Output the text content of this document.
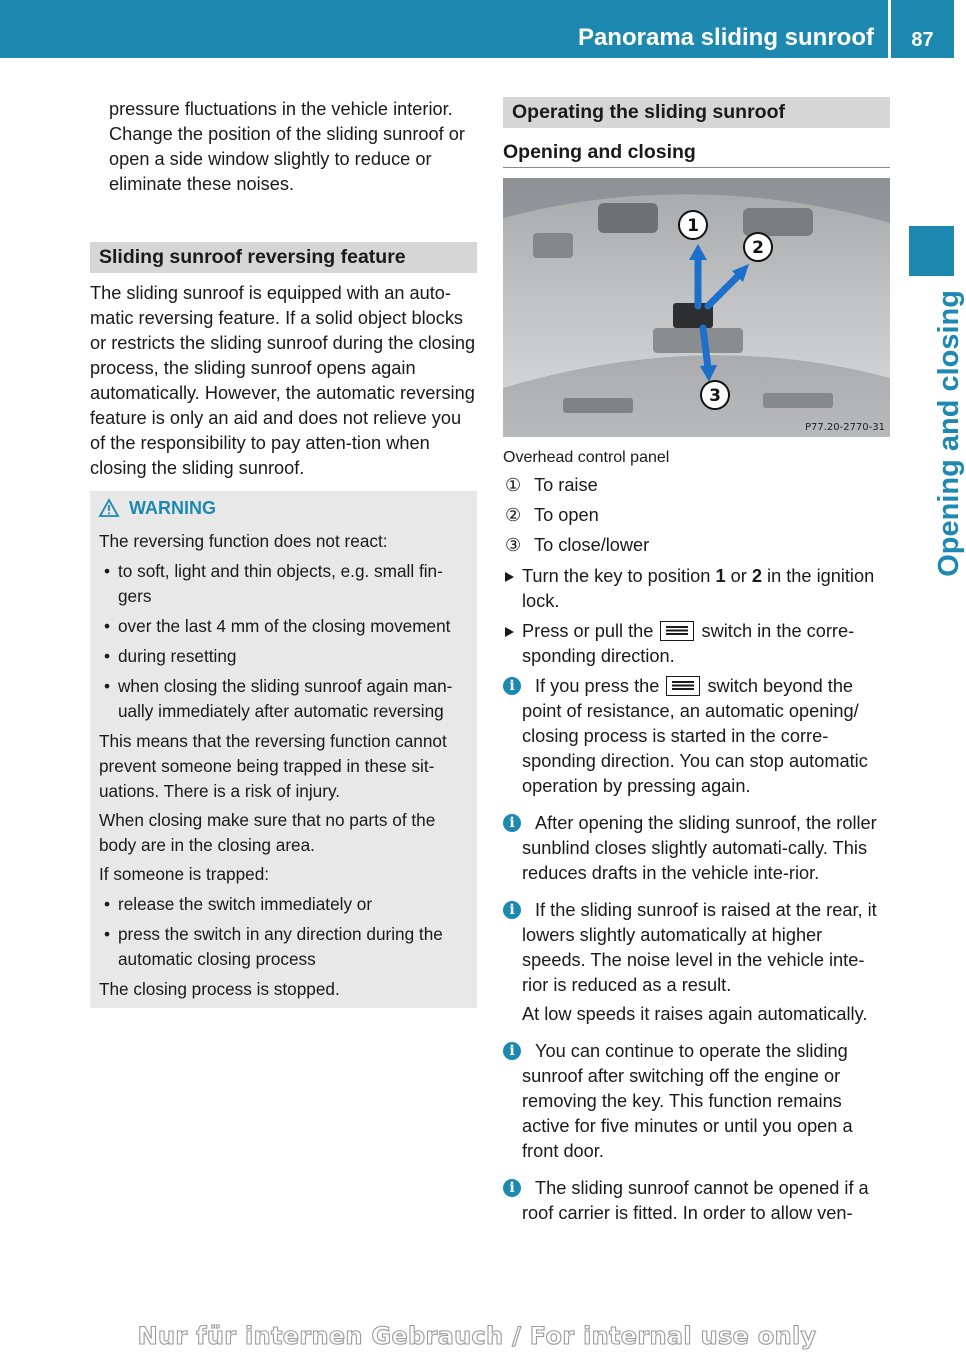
Panorama sliding sunroof	87
Opening and closing

pressure fluctuations in the vehicle interior. Change the position of the sliding sunroof or open a side window slightly to reduce or eliminate these noises.

Sliding sunroof reversing feature

The sliding sunroof is equipped with an auto-matic reversing feature. If a solid object blocks or restricts the sliding sunroof during the closing process, the sliding sunroof opens again automatically. However, the automatic reversing feature is only an aid and does not relieve you of the responsibility to pay atten-tion when closing the sliding sunroof.

WARNING

The reversing function does not react:

• to soft, light and thin objects, e.g. small fin-gers
• over the last 4 mm of the closing movement
• during resetting
• when closing the sliding sunroof again man-ually immediately after automatic reversing

This means that the reversing function cannot prevent someone being trapped in these sit-uations. There is a risk of injury.

When closing make sure that no parts of the body are in the closing area.

If someone is trapped:

• release the switch immediately or
• press the switch in any direction during the automatic closing process

The closing process is stopped.

Operating the sliding sunroof
Opening and closing
1
2
3
P77.20-2770-31

Overhead control panel

① To raise
② To open
③ To close/lower
Turn the key to position 1 or 2 in the ignition lock.
Press or pull the  switch in the corre-sponding direction.
i	If you press the  switch beyond the point of resistance, an automatic opening/ closing process is started in the corre-sponding direction. You can stop automatic operation by pressing again.

i	After opening the sliding sunroof, the roller sunblind closes slightly automati-cally. This reduces drafts in the vehicle inte-rior.

i	If the sliding sunroof is raised at the rear, it lowers slightly automatically at higher speeds. The noise level in the vehicle inte-rior is reduced as a result.

At low speeds it raises again automatically.

i	You can continue to operate the sliding sunroof after switching off the engine or removing the key. This function remains active for five minutes or until you open a front door.

i	The sliding sunroof cannot be opened if a roof carrier is fitted. In order to allow ven-

Nur für internen Gebrauch / For internal use only
